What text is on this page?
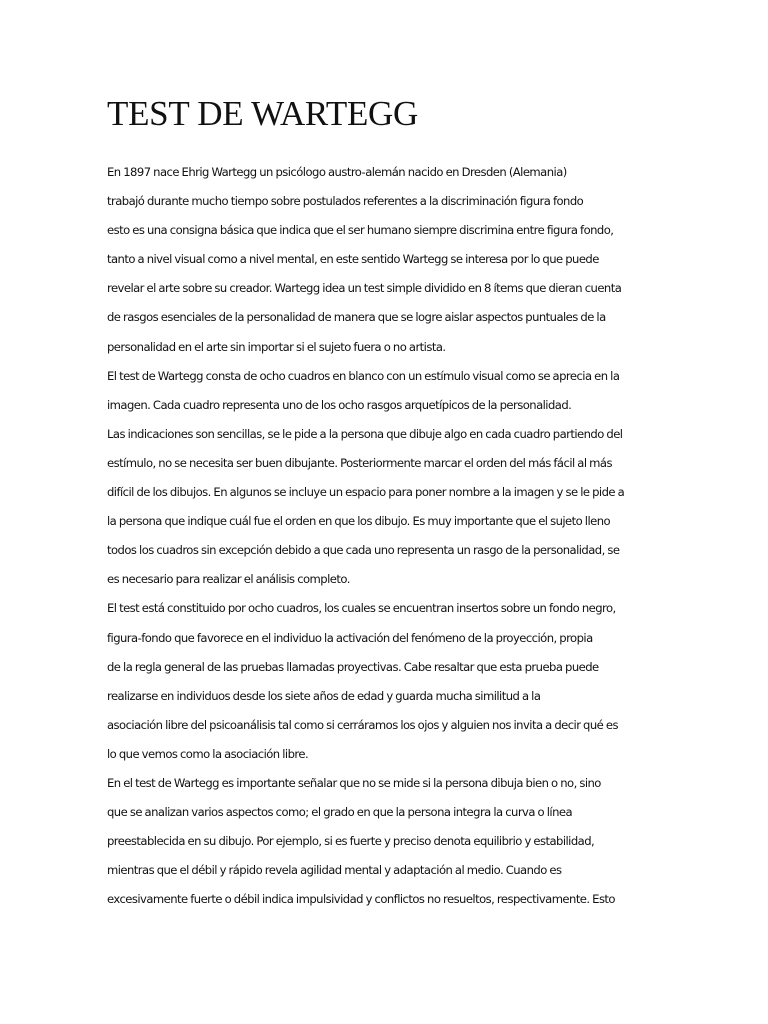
TEST DE WARTEGG
En 1897 nace Ehrig Wartegg un psicólogo austro-alemán nacido en Dresden (Alemania)
trabajó durante mucho tiempo sobre postulados referentes a la discriminación figura fondo
esto es una consigna básica que indica que el ser humano siempre discrimina entre figura fondo,
tanto a nivel visual como a nivel mental, en este sentido Wartegg se interesa por lo que puede
revelar el arte sobre su creador. Wartegg idea un test simple dividido en 8 ítems que dieran cuenta
de rasgos esenciales de la personalidad de manera que se logre aislar aspectos puntuales de la
personalidad en el arte sin importar si el sujeto fuera o no artista.
El test de Wartegg consta de ocho cuadros en blanco con un estímulo visual como se aprecia en la
imagen. Cada cuadro representa uno de los ocho rasgos arquetípicos de la personalidad.
Las indicaciones son sencillas, se le pide a la persona que dibuje algo en cada cuadro partiendo del
estímulo, no se necesita ser buen dibujante. Posteriormente marcar el orden del más fácil al más
difícil de los dibujos. En algunos se incluye un espacio para poner nombre a la imagen y se le pide a
la persona que indique cuál fue el orden en que los dibujo. Es muy importante que el sujeto lleno
todos los cuadros sin excepción debido a que cada uno representa un rasgo de la personalidad, se
es necesario para realizar el análisis completo.
El test está constituido por ocho cuadros, los cuales se encuentran insertos sobre un fondo negro,
figura-fondo que favorece en el individuo la activación del fenómeno de la proyección, propia
de la regla general de las pruebas llamadas proyectivas. Cabe resaltar que esta prueba puede
realizarse en individuos desde los siete años de edad y guarda mucha similitud a la
asociación libre del psicoanálisis tal como si cerráramos los ojos y alguien nos invita a decir qué es
lo que vemos como la asociación libre.
En el test de Wartegg es importante señalar que no se mide si la persona dibuja bien o no, sino
que se analizan varios aspectos como; el grado en que la persona integra la curva o línea
preestablecida en su dibujo. Por ejemplo, si es fuerte y preciso denota equilibrio y estabilidad,
mientras que el débil y rápido revela agilidad mental y adaptación al medio. Cuando es
excesivamente fuerte o débil indica impulsividad y conflictos no resueltos, respectivamente. Esto
